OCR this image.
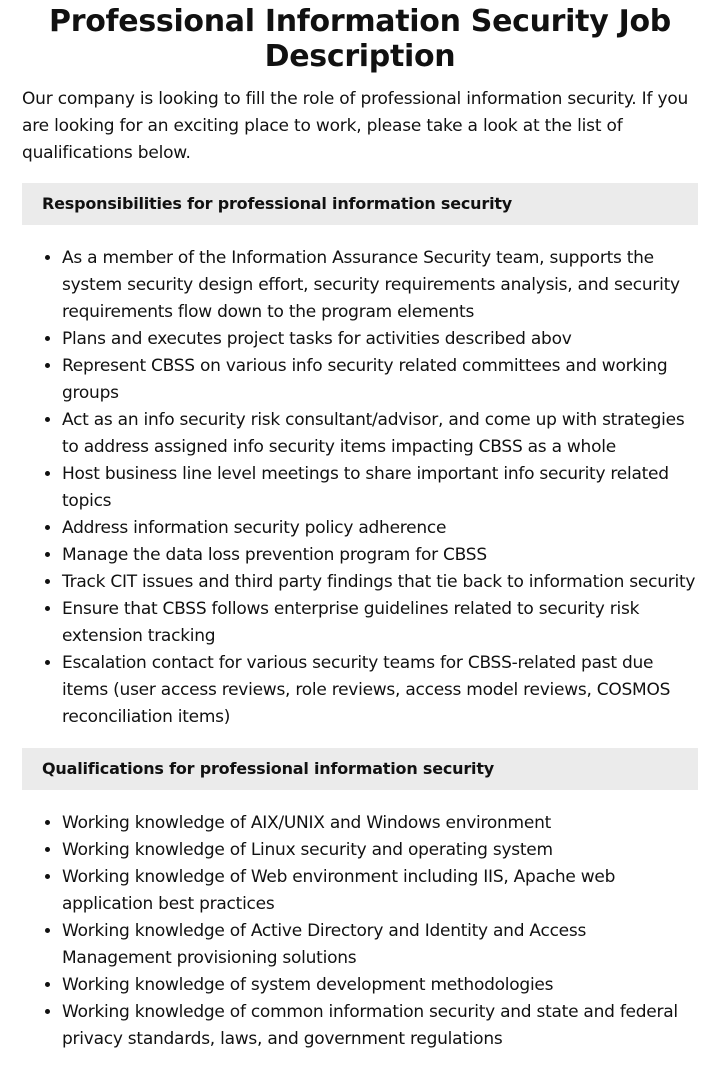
Professional Information Security Job Description

Our company is looking to fill the role of professional information security. If you are looking for an exciting place to work, please take a look at the list of qualifications below.

Responsibilities for professional information security
• As a member of the Information Assurance Security team, supports the system security design effort, security requirements analysis, and security requirements flow down to the program elements
• Plans and executes project tasks for activities described abov
• Represent CBSS on various info security related committees and working groups
• Act as an info security risk consultant/advisor, and come up with strategies to address assigned info security items impacting CBSS as a whole
• Host business line level meetings to share important info security related topics
• Address information security policy adherence
• Manage the data loss prevention program for CBSS
• Track CIT issues and third party findings that tie back to information security
• Ensure that CBSS follows enterprise guidelines related to security risk extension tracking
• Escalation contact for various security teams for CBSS-related past due items (user access reviews, role reviews, access model reviews, COSMOS reconciliation items)
Qualifications for professional information security
• Working knowledge of AIX/UNIX and Windows environment
• Working knowledge of Linux security and operating system
• Working knowledge of Web environment including IIS, Apache web application best practices
• Working knowledge of Active Directory and Identity and Access Management provisioning solutions
• Working knowledge of system development methodologies
• Working knowledge of common information security and state and federal privacy standards, laws, and government regulations
